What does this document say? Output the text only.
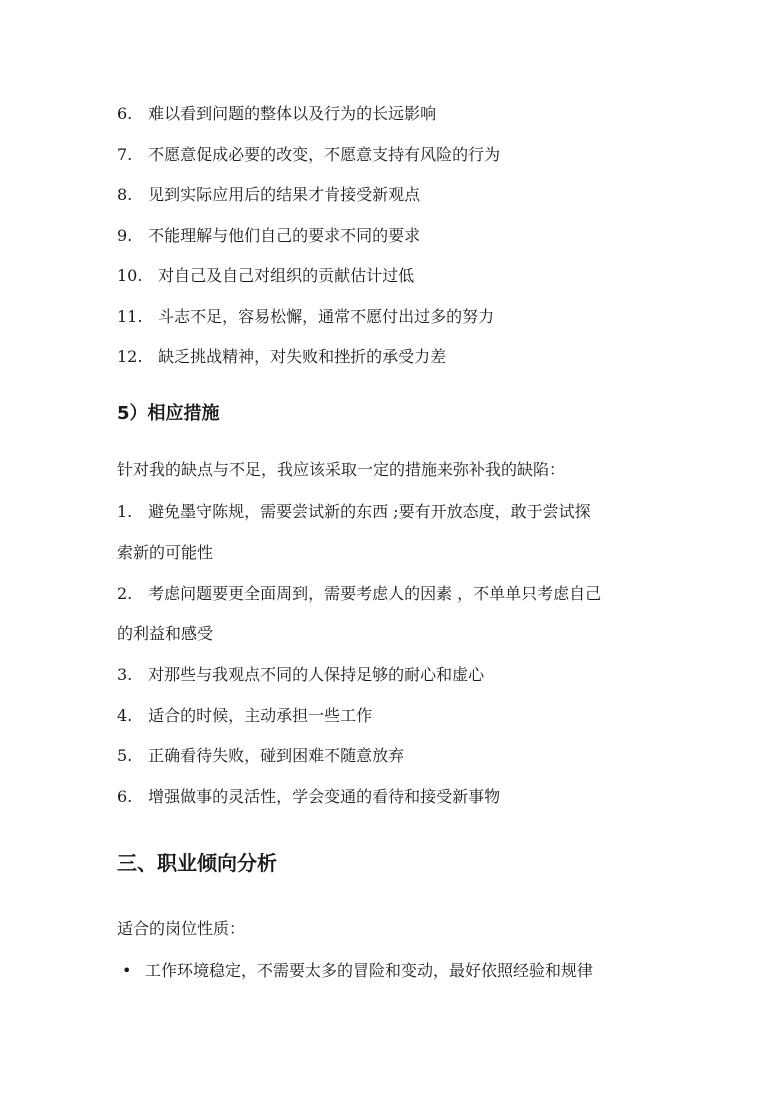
6. 难以看到问题的整体以及行为的长远影响
7. 不愿意促成必要的改变，不愿意支持有风险的行为
8. 见到实际应用后的结果才肯接受新观点
9. 不能理解与他们自己的要求不同的要求
10. 对自己及自己对组织的贡献估计过低
11. 斗志不足，容易松懈，通常不愿付出过多的努力
12. 缺乏挑战精神，对失败和挫折的承受力差
5）相应措施
针对我的缺点与不足，我应该采取一定的措施来弥补我的缺陷：
1. 避免墨守陈规，需要尝试新的东西 ;要有开放态度，敢于尝试探
索新的可能性
2. 考虑问题要更全面周到，需要考虑人的因素 ，不单单只考虑自己
的利益和感受
3. 对那些与我观点不同的人保持足够的耐心和虚心
4. 适合的时候，主动承担一些工作
5. 正确看待失败，碰到困难不随意放弃
6. 增强做事的灵活性，学会变通的看待和接受新事物
三、职业倾向分析
适合的岗位性质：
• 工作环境稳定，不需要太多的冒险和变动，最好依照经验和规律
